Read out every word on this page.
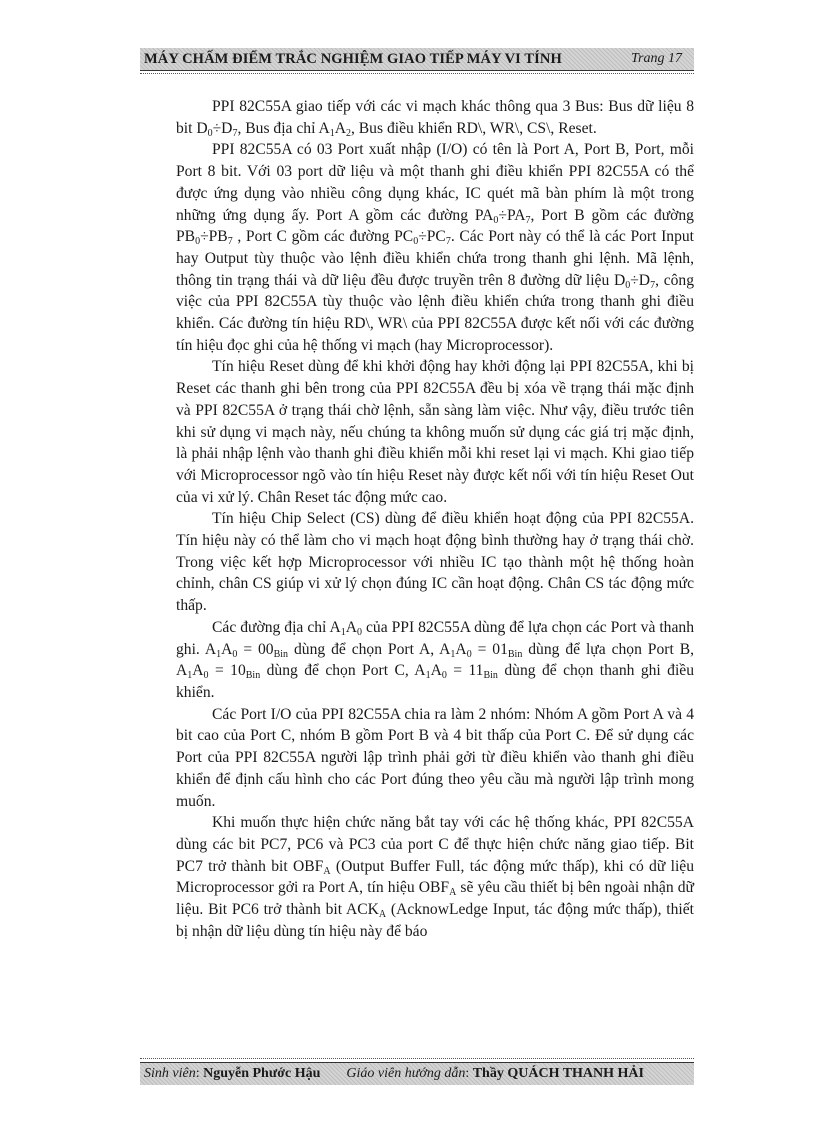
MÁY CHẤM ĐIỂM TRẮC NGHIỆM GIAO TIẾP MÁY VI TÍNH	Trang 17

PPI 82C55A giao tiếp với các vi mạch khác thông qua 3 Bus: Bus dữ liệu 8 bit $D_0\div D_7$, Bus địa chỉ $A_1A_2$, Bus điều khiển RD\, WR\, CS\, Reset.

PPI 82C55A có 03 Port xuất nhập (I/O) có tên là Port A, Port B, Port, mỗi Port 8 bit. Với 03 port dữ liệu và một thanh ghi điều khiển PPI 82C55A có thể được ứng dụng vào nhiều công dụng khác, IC quét mã bàn phím là một trong những ứng dụng ấy. Port A gồm các đường $PA_0\div PA_7$, Port B gồm các đường $PB_0\div PB_7$ , Port C gồm các đường $PC_0\div PC_7$. Các Port này có thể là các Port Input hay Output tùy thuộc vào lệnh điều khiển chứa trong thanh ghi lệnh. Mã lệnh, thông tin trạng thái và dữ liệu đều được truyền trên 8 đường dữ liệu $D_0\div D_7$, công việc của PPI 82C55A tùy thuộc vào lệnh điều khiển chứa trong thanh ghi điều khiển. Các đường tín hiệu RD\, WR\ của PPI 82C55A được kết nối với các đường tín hiệu đọc ghi của hệ thống vi mạch (hay Microprocessor).

Tín hiệu Reset dùng để khi khởi động hay khởi động lại PPI 82C55A, khi bị Reset các thanh ghi bên trong của PPI 82C55A đều bị xóa về trạng thái mặc định và PPI 82C55A ở trạng thái chờ lệnh, sẵn sàng làm việc. Như vậy, điều trước tiên khi sử dụng vi mạch này, nếu chúng ta không muốn sử dụng các giá trị mặc định, là phải nhập lệnh vào thanh ghi điều khiển mỗi khi reset lại vi mạch. Khi giao tiếp với Microprocessor ngõ vào tín hiệu Reset này được kết nối với tín hiệu Reset Out của vi xử lý. Chân Reset tác động mức cao.

Tín hiệu Chip Select (CS) dùng để điều khiển hoạt động của PPI 82C55A. Tín hiệu này có thể làm cho vi mạch hoạt động bình thường hay ở trạng thái chờ. Trong việc kết hợp Microprocessor với nhiều IC tạo thành một hệ thống hoàn chỉnh, chân CS giúp vi xử lý chọn đúng IC cần hoạt động. Chân CS tác động mức thấp.

Các đường địa chỉ $A_1A_0$ của PPI 82C55A dùng để lựa chọn các Port và thanh ghi. $A_1A_0 = 00_{Bin}$ dùng để chọn Port A, $A_1A_0 = 01_{Bin}$ dùng để lựa chọn Port B, $A_1A_0 = 10_{Bin}$ dùng để chọn Port C, $A_1A_0 = 11_{Bin}$ dùng để chọn thanh ghi điều khiển.

Các Port I/O của PPI 82C55A chia ra làm 2 nhóm: Nhóm A gồm Port A và 4 bit cao của Port C, nhóm B gồm Port B và 4 bit thấp của Port C. Để sử dụng các Port của PPI 82C55A người lập trình phải gởi từ điều khiển vào thanh ghi điều khiển để định cấu hình cho các Port đúng theo yêu cầu mà người lập trình mong muốn.

Khi muốn thực hiện chức năng bắt tay với các hệ thống khác, PPI 82C55A dùng các bit PC7, PC6 và PC3 của port C để thực hiện chức năng giao tiếp. Bit PC7 trở thành bit $OBF_A$ (Output Buffer Full, tác động mức thấp), khi có dữ liệu Microprocessor gởi ra Port A, tín hiệu $OBF_A$ sẽ yêu cầu thiết bị bên ngoài nhận dữ liệu. Bit PC6 trở thành bit $ACK_A$ (AcknowLedge Input, tác động mức thấp), thiết bị nhận dữ liệu dùng tín hiệu này để báo

Sinh viên: Nguyễn Phước Hậu Giáo viên hướng dẫn: Thầy QUÁCH THANH HẢI
